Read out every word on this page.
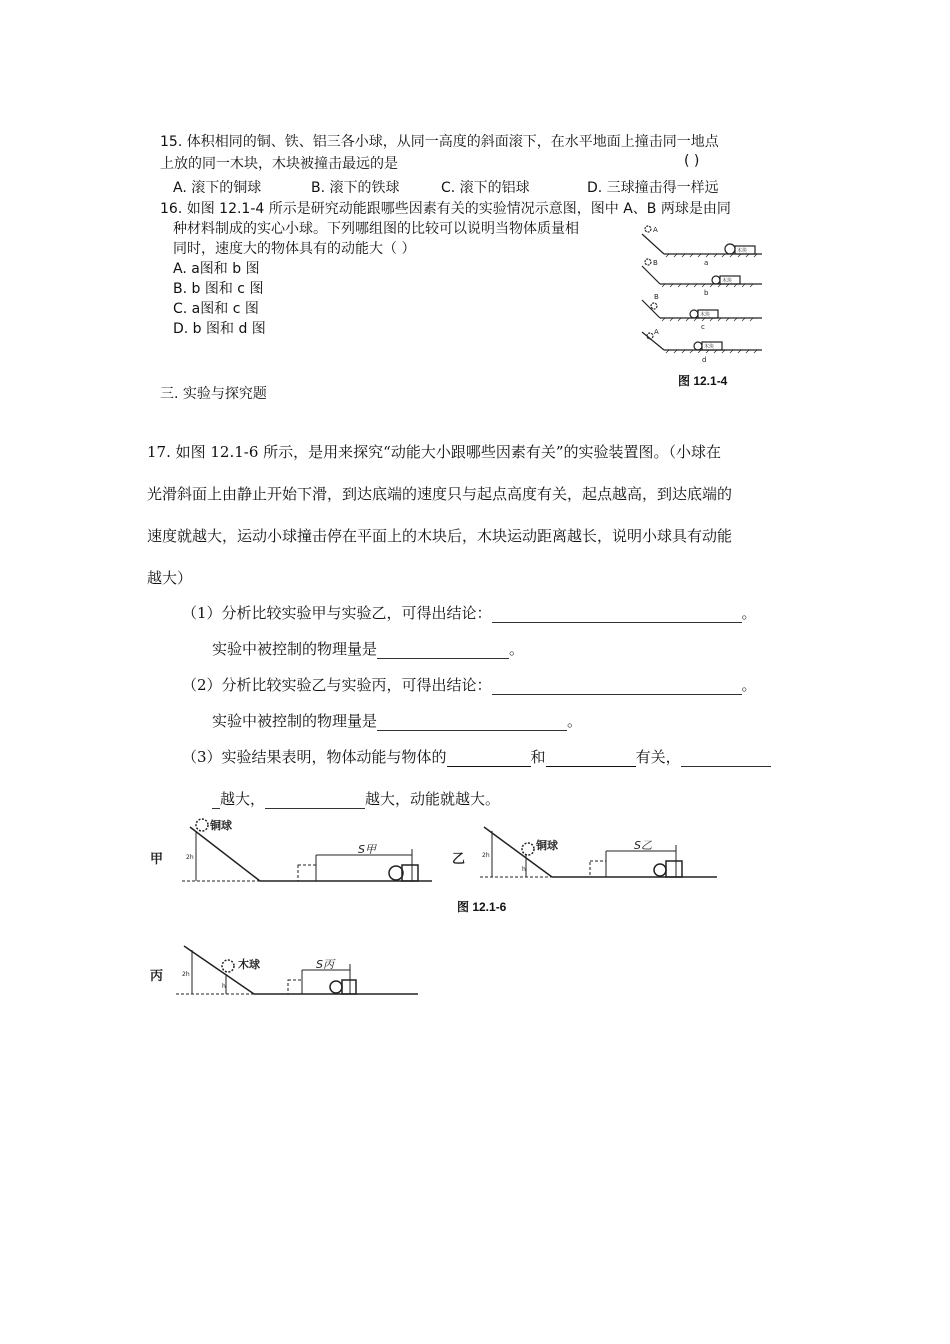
15. 体积相同的铜、铁、铝三各小球，从同一高度的斜面滚下，在水平地面上撞击同一地点
上放的同一木块，木块被撞击最远的是	( )
A. 滚下的铜球	B. 滚下的铁球	C. 滚下的铝球	D. 三球撞击得一样远
16. 如图 12.1-4 所示是研究动能跟哪些因素有关的实验情况示意图，图中 A、B 两球是由同
种材料制成的实心小球。下列哪组图的比较可以说明当物体质量相
同时，速度大的物体具有的动能大（ ）
A. a图和 b 图
B. b 图和 c 图
C. a图和 c 图
D. b 图和 d 图
A
a
B
b
B
c
A
d
木块
木块
木块
木块
图 12.1-4
三. 实验与探究题
17. 如图 12.1-6 所示，是用来探究“动能大小跟哪些因素有关”的实验装置图。（小球在
光滑斜面上由静止开始下滑，到达底端的速度只与起点高度有关，起点越高，到达底端的
速度就越大，运动小球撞击停在平面上的木块后，木块运动距离越长，说明小球具有动能
越大）
（1）分析比较实验甲与实验乙，可得出结论：	。
实验中被控制的物理量是	。
（2）分析比较实验乙与实验丙，可得出结论：	。
实验中被控制的物理量是	。
（3）实验结果表明，物体动能与物体的	和	有关，
越大，	越大，动能就越大。
甲
铜球
2h
S甲
乙
铜球
2h
h
S乙
图 12.1-6
丙
木球
2h
h
S丙
